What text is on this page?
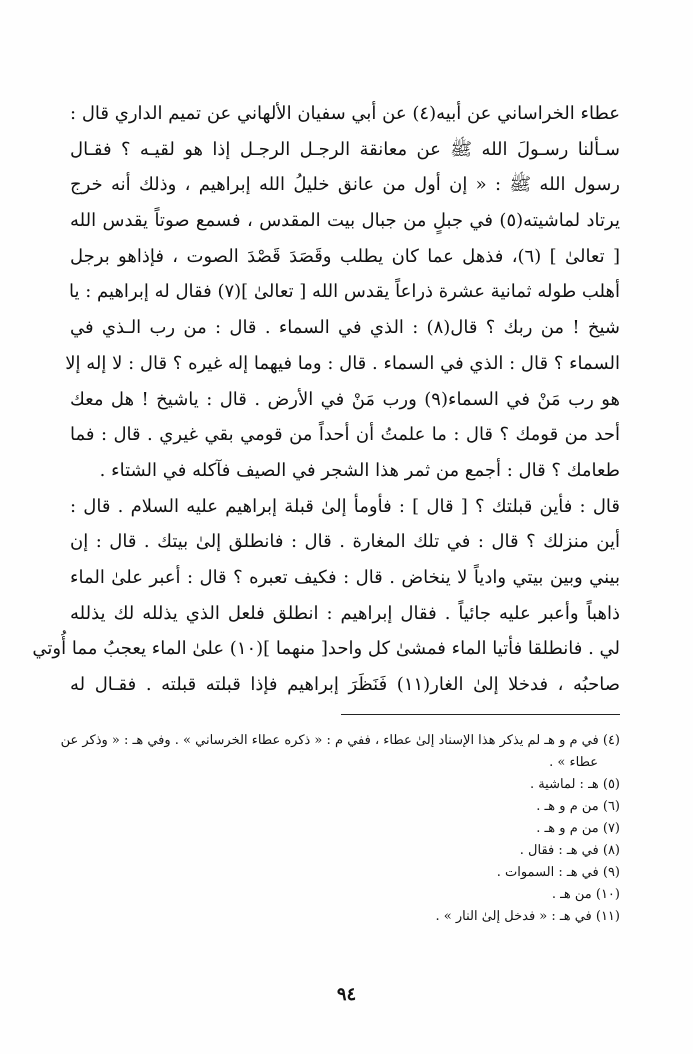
عطاء الخراساني عن أبيه(٤) عن أبي سفيان الألهاني عن تميم الداري قال :
سـألنا رسـولَ الله ﷺ عن معانقة الرجـل الرجـل إذا هو لقيـه ؟ فقـال
رسول الله ﷺ : « إن أول من عانق خليلُ الله إبراهيم ، وذلك أنه خرج
يرتاد لماشيته(٥) في جبلٍ من جبال بيت المقدس ، فسمع صوتاً يقدس الله
[ تعالىٰ ] (٦)، فذهل عما كان يطلب وقَصَدَ قَصْدَ الصوت ، فإذاهو برجل
أهلب طوله ثمانية عشرة ذراعاً يقدس الله [ تعالىٰ ](٧) فقال له إبراهيم : يا
شيخ ! من ربك ؟ قال(٨) : الذي في السماء . قال : من رب الـذي في
السماء ؟ قال : الذي في السماء . قال : وما فيهما إله غيره ؟ قال : لا إله إلا
هو رب مَنْ في السماء(٩) ورب مَنْ في الأرض . قال : ياشيخ ! هل معك
أحد من قومك ؟ قال : ما علمتُ أن أحداً من قومي بقي غيري . قال : فما
طعامك ؟ قال : أجمع من ثمر هذا الشجر في الصيف فآكله في الشتاء .
قال : فأين قبلتك ؟ [ قال ] : فأومأ إلىٰ قبلة إبراهيم عليه السلام . قال :
أين منزلك ؟ قال : في تلك المغارة . قال : فانطلق إلىٰ بيتك . قال : إن
بيني وبين بيتي وادياً لا ينخاض . قال : فكيف تعبره ؟ قال : أعبر علىٰ الماء
ذاهباً وأعبر عليه جائياً . فقال إبراهيم : انطلق فلعل الذي يذلله لك يذلله
لي . فانطلقا فأتيا الماء فمشىٰ كل واحد[ منهما ](١٠) علىٰ الماء يعجبُ مما أُوتي
صاحبُه ، فدخلا إلىٰ الغار(١١) فَنَظَرَ إبراهيم فإذا قبلته قبلته . فقـال له
(٤) في م و هـ لم يذكر هذا الإسناد إلىٰ عطاء ، ففي م : « ذكره عطاء الخرساني » . وفي هـ : « وذكر عن
عطاء » .
(٥) هـ : لماشية .
(٦) من م و هـ .
(٧) من م و هـ .
(٨) في هـ : فقال .
(٩) في هـ : السموات .
(١٠) من هـ .
(١١) في هـ : « فدخل إلىٰ النار » .
٩٤
